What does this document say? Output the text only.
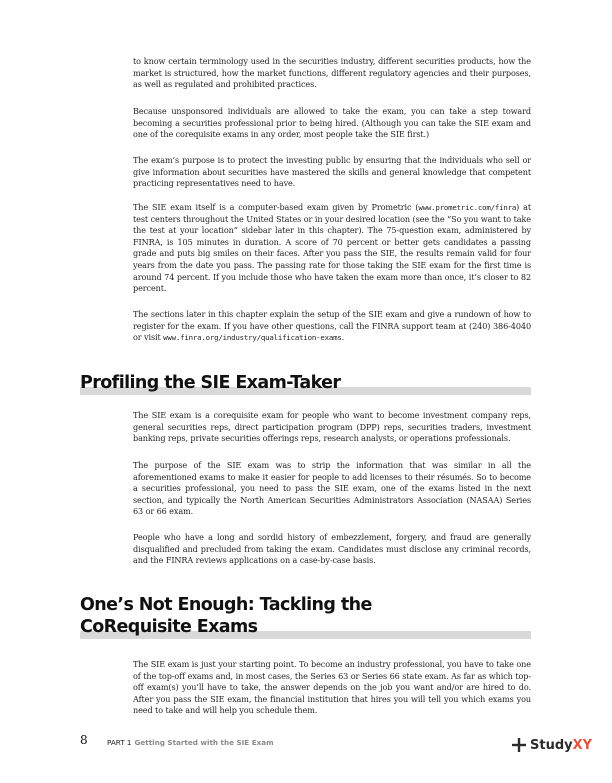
to know certain terminology used in the securities industry, different securities products, how the market is structured, how the market functions, different regulatory agencies and their purposes, as well as regulated and prohibited practices.

Because unsponsored individuals are allowed to take the exam, you can take a step toward becoming a securities professional prior to being hired. (Although you can take the SIE exam and one of the corequisite exams in any order, most people take the SIE first.)

The exam’s purpose is to protect the investing public by ensuring that the individuals who sell or give information about securities have mastered the skills and general knowledge that competent practicing representatives need to have.

The SIE exam itself is a computer-based exam given by Prometric (www.prometric.com/finra) at test centers throughout the United States or in your desired location (see the “So you want to take the test at your location” sidebar later in this chapter). The 75-question exam, administered by FINRA, is 105 minutes in duration. A score of 70 percent or better gets candidates a passing grade and puts big smiles on their faces. After you pass the SIE, the results remain valid for four years from the date you pass. The passing rate for those taking the SIE exam for the first time is around 74 percent. If you include those who have taken the exam more than once, it’s closer to 82 percent.

The sections later in this chapter explain the setup of the SIE exam and give a rundown of how to register for the exam. If you have other questions, call the FINRA support team at (240) 386-4040 or visit www.finra.org/industry/qualification-exams.

Profiling the SIE Exam-Taker

The SIE exam is a corequisite exam for people who want to become investment company reps, general securities reps, direct participation program (DPP) reps, securities traders, investment banking reps, private securities offerings reps, research analysts, or operations professionals.

The purpose of the SIE exam was to strip the information that was similar in all the aforementioned exams to make it easier for people to add licenses to their résumés. So to become a securities professional, you need to pass the SIE exam, one of the exams listed in the next section, and typically the North American Securities Administrators Association (NASAA) Series 63 or 66 exam.

People who have a long and sordid history of embezzlement, forgery, and fraud are generally disqualified and precluded from taking the exam. Candidates must disclose any criminal records, and the FINRA reviews applications on a case-by-case basis.

One’s Not Enough: Tackling the
CoRequisite Exams

The SIE exam is just your starting point. To become an industry professional, you have to take one of the top-off exams and, in most cases, the Series 63 or Series 66 state exam. As far as which top-off exam(s) you’ll have to take, the answer depends on the job you want and/or are hired to do. After you pass the SIE exam, the financial institution that hires you will tell you which exams you need to take and will help you schedule them.

8	PART 1 Getting Started with the SIE Exam	Study XY
